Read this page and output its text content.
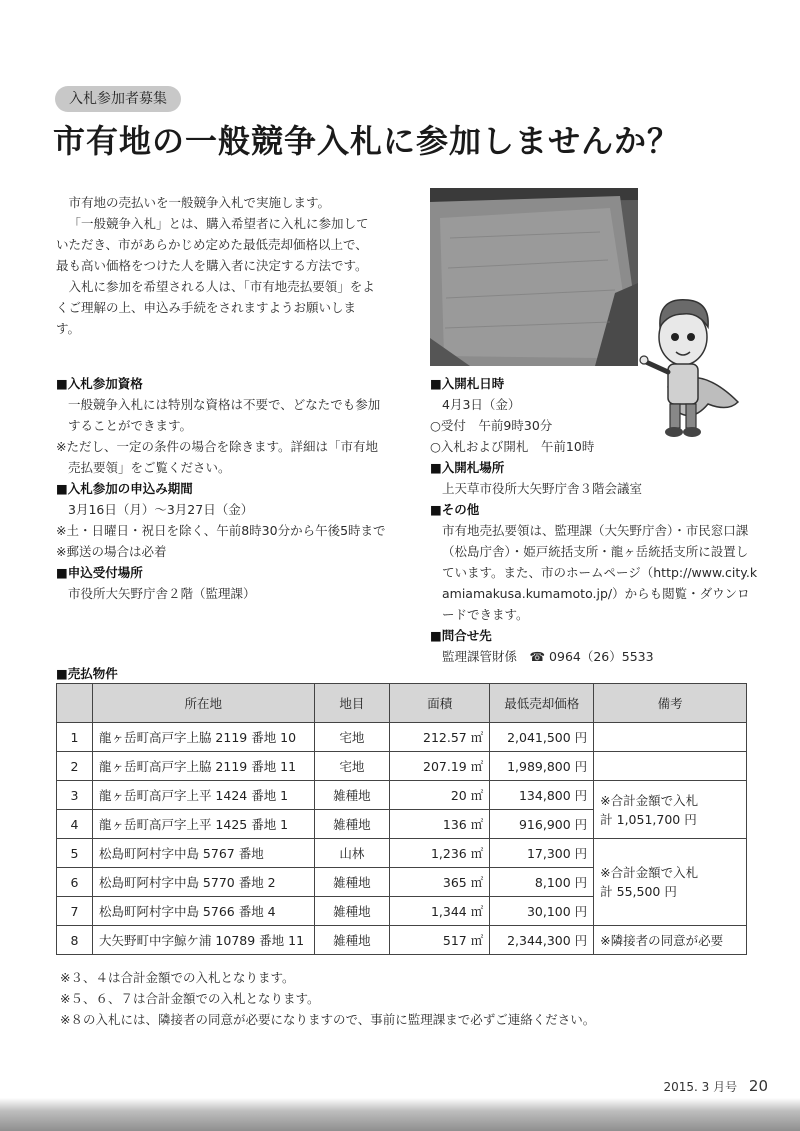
入札参加者募集
市有地の一般競争入札に参加しませんか？

市有地の売払いを一般競争入札で実施します。

「一般競争入札」とは、購入希望者に入札に参加していただき、市があらかじめ定めた最低売却価格以上で、最も高い価格をつけた人を購入者に決定する方法です。

入札に参加を希望される人は、「市有地売払要領」をよくご理解の上、申込み手続をされますようお願いします。

■入札参加資格
一般競争入札には特別な資格は不要で、どなたでも参加することができます。
※ただし、一定の条件の場合を除きます。詳細は「市有地売払要領」をご覧ください。
■入札参加の申込み期間
3月16日（月）～3月27日（金）
※土・日曜日・祝日を除く、午前8時30分から午後5時まで
※郵送の場合は必着
■申込受付場所
市役所大矢野庁舎２階（監理課）
■入開札日時
4月3日（金）
○受付　午前9時30分
○入札および開札　午前10時
■入開札場所
上天草市役所大矢野庁舎３階会議室
■その他
市有地売払要領は、監理課（大矢野庁舎）・市民窓口課（松島庁舎）・姫戸統括支所・龍ヶ岳統括支所に設置しています。また、市のホームページ（http://www.city.kamiamakusa.kumamoto.jp/）からも閲覧・ダウンロードできます。
■問合せ先
監理課管財係　☎ 0964（26）5533
■売払物件
	所在地	地目	面積	最低売却価格	備考
1	龍ヶ岳町高戸字上脇 2119 番地 10	宅地	212.57 ㎡	2,041,500 円	
2	龍ヶ岳町高戸字上脇 2119 番地 11	宅地	207.19 ㎡	1,989,800 円	
3	龍ヶ岳町高戸字上平 1424 番地 1	雑種地	20 ㎡	134,800 円	※合計金額で入札
計 1,051,700 円

4	龍ヶ岳町高戸字上平 1425 番地 1	雑種地	136 ㎡	916,900 円	
5	松島町阿村字中島 5767 番地	山林	1,236 ㎡	17,300 円	※合計金額で入札
計 55,500 円

6	松島町阿村字中島 5770 番地 2	雑種地	365 ㎡	8,100 円	
7	松島町阿村字中島 5766 番地 4	雑種地	1,344 ㎡	30,100 円	
8	大矢野町中字鯨ケ浦 10789 番地 11	雑種地	517 ㎡	2,344,300 円	※隣接者の同意が必要
※３、４は合計金額での入札となります。
※５、６、７は合計金額での入札となります。
※８の入札には、隣接者の同意が必要になりますので、事前に監理課まで必ずご連絡ください。
2015. 3 月号 20
